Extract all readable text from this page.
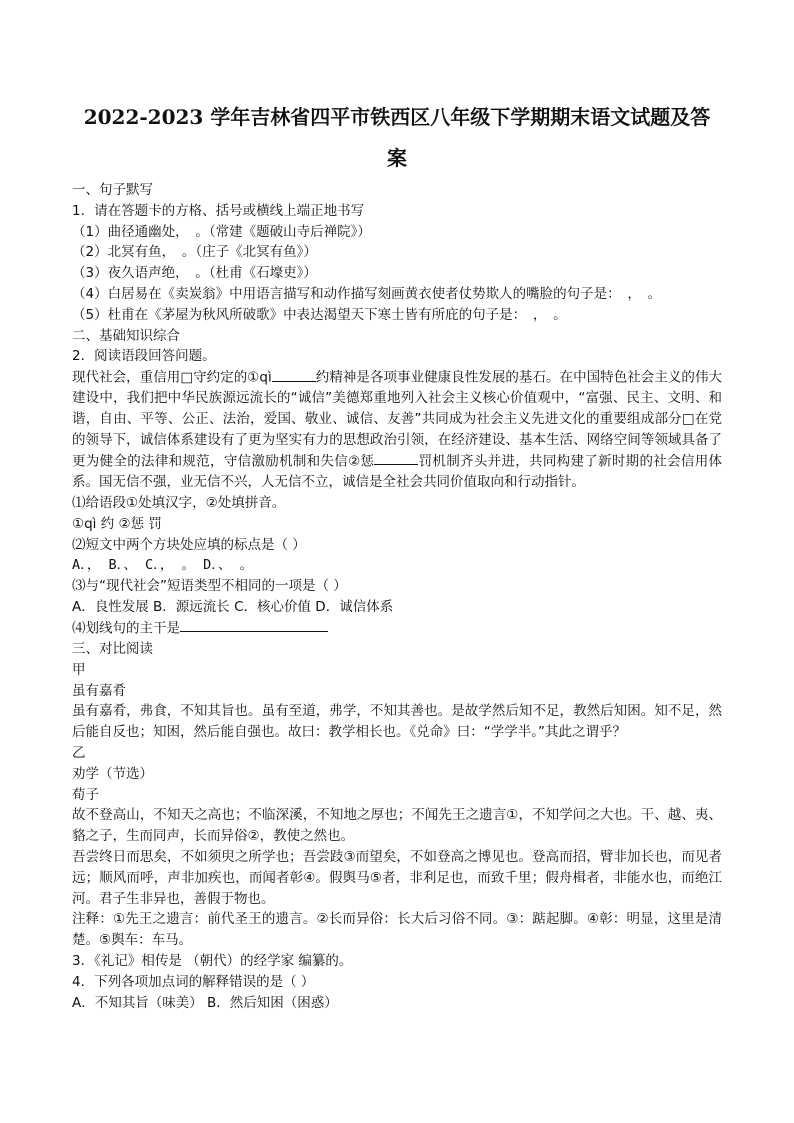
2022-2023 学年吉林省四平市铁西区八年级下学期期末语文试题及答
案
一、句子默写
1．请在答题卡的方格、括号或横线上端正地书写
（1）曲径通幽处，　。（常建《题破山寺后禅院》）
（2）北冥有鱼，　。（庄子《北冥有鱼》）
（3）夜久语声绝，　。（杜甫《石壕吏》）
（4）白居易在《卖炭翁》中用语言描写和动作描写刻画黄衣使者仗势欺人的嘴脸的句子是：　，　。
（5）杜甫在《茅屋为秋风所破歌》中表达渴望天下寒士皆有所庇的句子是：　，　。
二、基础知识综合
2．阅读语段回答问题。
现代社会，重信用□守约定的①qì	约精神是各项事业健康良性发展的基石。在中国特色社会主义的伟大建设中，我们把中华民族源远流长的“诚信”美德郑重地列入社会主义核心价值观中，“富强、民主、文明、和谐，自由、平等、公正、法治，爱国、敬业、诚信、友善”共同成为社会主义先进文化的重要组成部分□在党的领导下，诚信体系建设有了更为坚实有力的思想政治引领，在经济建设、基本生活、网络空间等领域具备了更为健全的法律和规范，守信激励机制和失信②惩	罚机制齐头并进，共同构建了新时期的社会信用体系。国无信不强，业无信不兴，人无信不立，诚信是全社会共同价值取向和行动指针。
⑴给语段①处填汉字，②处填拼音。
①qì 约 ②惩 罚
⑵短文中两个方块处应填的标点是（ ）
A．， B．、 C．， 。 D．、 。
⑶与“现代社会”短语类型不相同的一项是（ ）
A．良性发展 B．源远流长 C．核心价值 D．诚信体系
⑷划线句的主干是
三、对比阅读
甲
虽有嘉肴
虽有嘉肴，弗食，不知其旨也。虽有至道，弗学，不知其善也。是故学然后知不足，教然后知困。知不足，然后能自反也；知困，然后能自强也。故曰：教学相长也。《兑命》曰：“学学半。”其此之谓乎？
乙
劝学（节选）
荀子
故不登高山，不知天之高也；不临深溪，不知地之厚也；不闻先王之遗言①，不知学问之大也。干、越、夷、貉之子，生而同声，长而异俗②，教使之然也。
吾尝终日而思矣，不如须臾之所学也；吾尝跂③而望矣，不如登高之博见也。登高而招，臂非加长也，而见者远；顺风而呼，声非加疾也，而闻者彰④。假舆马⑤者，非利足也，而致千里；假舟楫者，非能水也，而绝江河。君子生非异也，善假于物也。
注释：①先王之遗言：前代圣王的遗言。②长而异俗：长大后习俗不同。③：踮起脚。④彰：明显，这里是清楚。⑤舆车：车马。
3．《礼记》相传是 （朝代）的经学家 编纂的。
4．下列各项加点词的解释错误的是（ ）
A．不知其旨（味美） B．然后知困（困惑）
